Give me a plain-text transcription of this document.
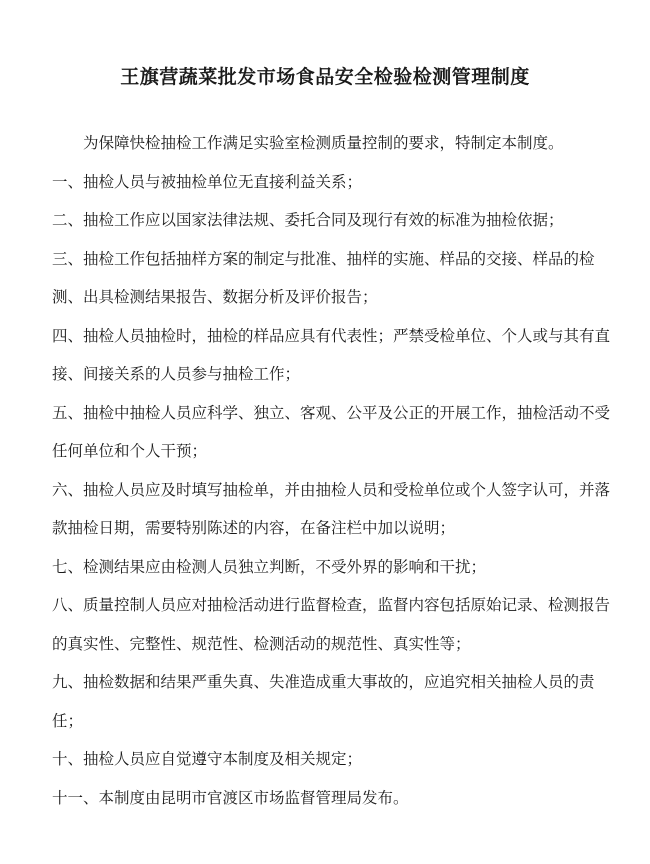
王旗营蔬菜批发市场食品安全检验检测管理制度

为保障快检抽检工作满足实验室检测质量控制的要求，特制定本制度。

一、抽检人员与被抽检单位无直接利益关系；

二、抽检工作应以国家法律法规、委托合同及现行有效的标准为抽检依据；

三、抽检工作包括抽样方案的制定与批准、抽样的实施、样品的交接、样品的检测、出具检测结果报告、数据分析及评价报告；

四、抽检人员抽检时，抽检的样品应具有代表性；严禁受检单位、个人或与其有直接、间接关系的人员参与抽检工作；

五、抽检中抽检人员应科学、独立、客观、公平及公正的开展工作，抽检活动不受任何单位和个人干预；

六、抽检人员应及时填写抽检单，并由抽检人员和受检单位或个人签字认可，并落款抽检日期，需要特别陈述的内容，在备注栏中加以说明；

七、检测结果应由检测人员独立判断，不受外界的影响和干扰；

八、质量控制人员应对抽检活动进行监督检查，监督内容包括原始记录、检测报告的真实性、完整性、规范性、检测活动的规范性、真实性等；

九、抽检数据和结果严重失真、失准造成重大事故的，应追究相关抽检人员的责任；

十、抽检人员应自觉遵守本制度及相关规定；

十一、本制度由昆明市官渡区市场监督管理局发布。
